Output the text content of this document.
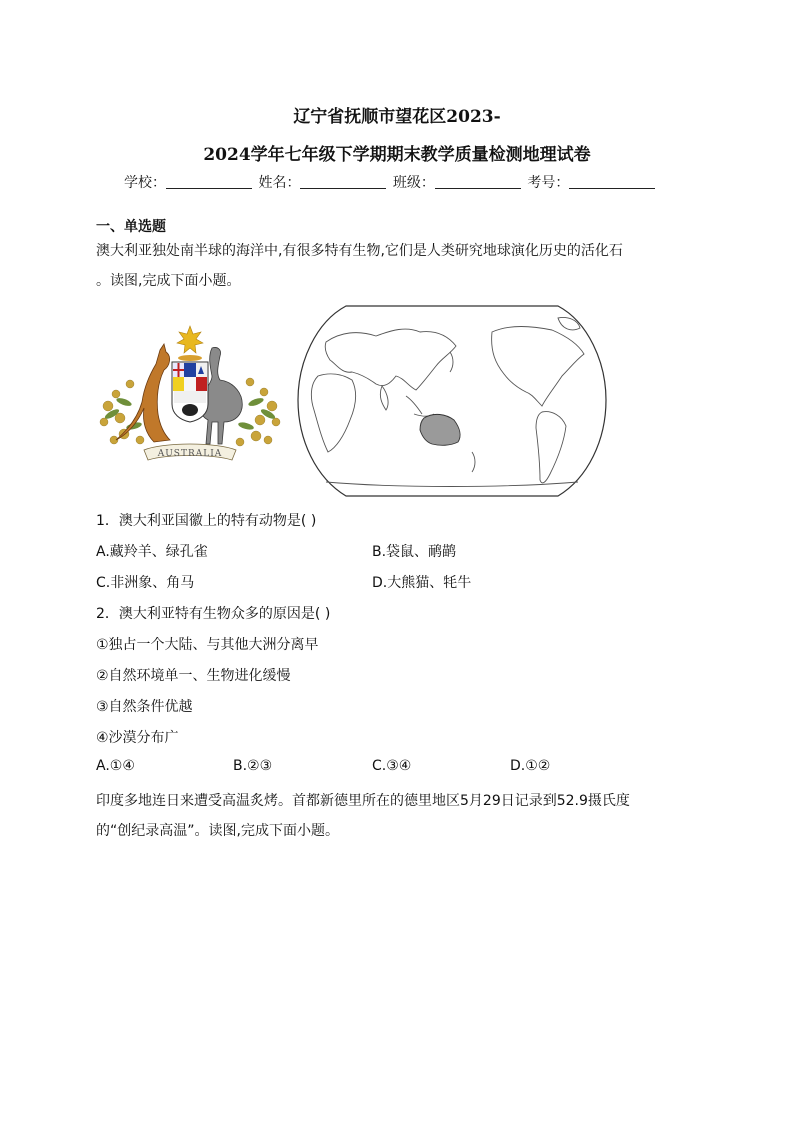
辽宁省抚顺市望花区2023-
2024学年七年级下学期期末教学质量检测地理试卷
学校：	姓名：	班级：	考号：
一、单选题
澳大利亚独处南半球的海洋中,有很多特有生物,它们是人类研究地球演化历史的活化石
。读图,完成下面小题。
AUSTRALIA
1．澳大利亚国徽上的特有动物是( )
A.藏羚羊、绿孔雀	B.袋鼠、鸸鹋
C.非洲象、角马	D.大熊猫、牦牛
2．澳大利亚特有生物众多的原因是( )
①独占一个大陆、与其他大洲分离早
②自然环境单一、生物进化缓慢
③自然条件优越
④沙漠分布广
A.①④	B.②③	C.③④	D.①②
印度多地连日来遭受高温炙烤。首都新德里所在的德里地区5月29日记录到52.9摄氏度
的“创纪录高温”。读图,完成下面小题。
